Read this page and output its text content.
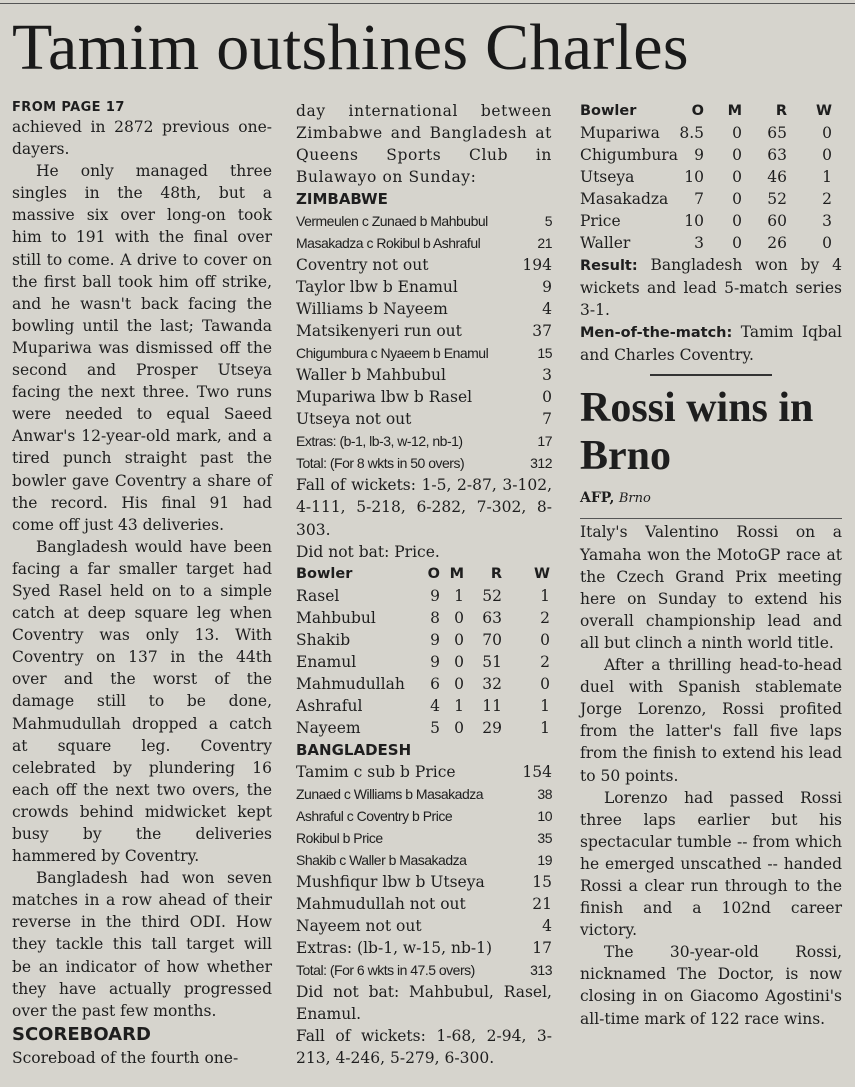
Tamim outshines Charles
FROM PAGE 17

achieved in 2872 previous one-dayers.

He only managed three singles in the 48th, but a massive six over long-on took him to 191 with the final over still to come. A drive to cover on the first ball took him off strike, and he wasn't back facing the bowling until the last; Tawanda Mupariwa was dismissed off the second and Prosper Utseya facing the next three. Two runs were needed to equal Saeed Anwar's 12-year-old mark, and a tired punch straight past the bowler gave Coventry a share of the record. His final 91 had come off just 43 deliveries.

Bangladesh would have been facing a far smaller target had Syed Rasel held on to a simple catch at deep square leg when Coventry was only 13. With Coventry on 137 in the 44th over and the worst of the damage still to be done, Mahmudullah dropped a catch at square leg. Coventry celebrated by plundering 16 each off the next two overs, the crowds behind midwicket kept busy by the deliveries hammered by Coventry.

Bangladesh had won seven matches in a row ahead of their reverse in the third ODI. How they tackle this tall target will be an indicator of how whether they have actually progressed over the past few months.

SCOREBOARD

Scoreboad of the fourth one-

day international between Zimbabwe and Bangladesh at Queens Sports Club in Bulawayo on Sunday:

ZIMBABWE
Vermeulen c Zunaed b Mahbubul	5
Masakadza c Rokibul b Ashraful	21
Coventry not out	194
Taylor lbw b Enamul	9
Williams b Nayeem	4
Matsikenyeri run out	37
Chigumbura c Nyaeem b Enamul	15
Waller b Mahbubul	3
Mupariwa lbw b Rasel	0
Utseya not out	7
Extras: (b-1, lb-3, w-12, nb-1)	17
Total: (For 8 wkts in 50 overs)	312

Fall of wickets: 1-5, 2-87, 3-102, 4-111, 5-218, 6-282, 7-302, 8-303.

Did not bat: Price.

Bowler	O M	R	W
Rasel	9 1	52	1
Mahbubul	8 0	63	2
Shakib	9 0	70	0
Enamul	9 0	51	2
Mahmudullah	6 0	32	0
Ashraful	4 1	11	1
Nayeem	5 0	29	1
BANGLADESH
Tamim c sub b Price	154
Zunaed c Williams b Masakadza	38
Ashraful c Coventry b Price	10
Rokibul b Price	35
Shakib c Waller b Masakadza	19
Mushfiqur lbw b Utseya	15
Mahmudullah not out	21
Nayeem not out	4
Extras: (lb-1, w-15, nb-1)	17
Total: (For 6 wkts in 47.5 overs)	313

Did not bat: Mahbubul, Rasel, Enamul.

Fall of wickets: 1-68, 2-94, 3-213, 4-246, 5-279, 6-300.

Bowler	O	M	R	W
Mupariwa	8.5	0	65	0
Chigumbura	9	0	63	0
Utseya	10	0	46	1
Masakadza	7	0	52	2
Price	10	0	60	3
Waller	3	0	26	0

Result: Bangladesh won by 4 wickets and lead 5-match series 3-1.

Men-of-the-match: Tamim Iqbal and Charles Coventry.

Rossi wins in Brno
AFP, Brno

Italy's Valentino Rossi on a Yamaha won the MotoGP race at the Czech Grand Prix meeting here on Sunday to extend his overall championship lead and all but clinch a ninth world title.

After a thrilling head-to-head duel with Spanish stablemate Jorge Lorenzo, Rossi profited from the latter's fall five laps from the finish to extend his lead to 50 points.

Lorenzo had passed Rossi three laps earlier but his spectacular tumble -- from which he emerged unscathed -- handed Rossi a clear run through to the finish and a 102nd career victory.

The 30-year-old Rossi, nicknamed The Doctor, is now closing in on Giacomo Agostini's all-time mark of 122 race wins.
